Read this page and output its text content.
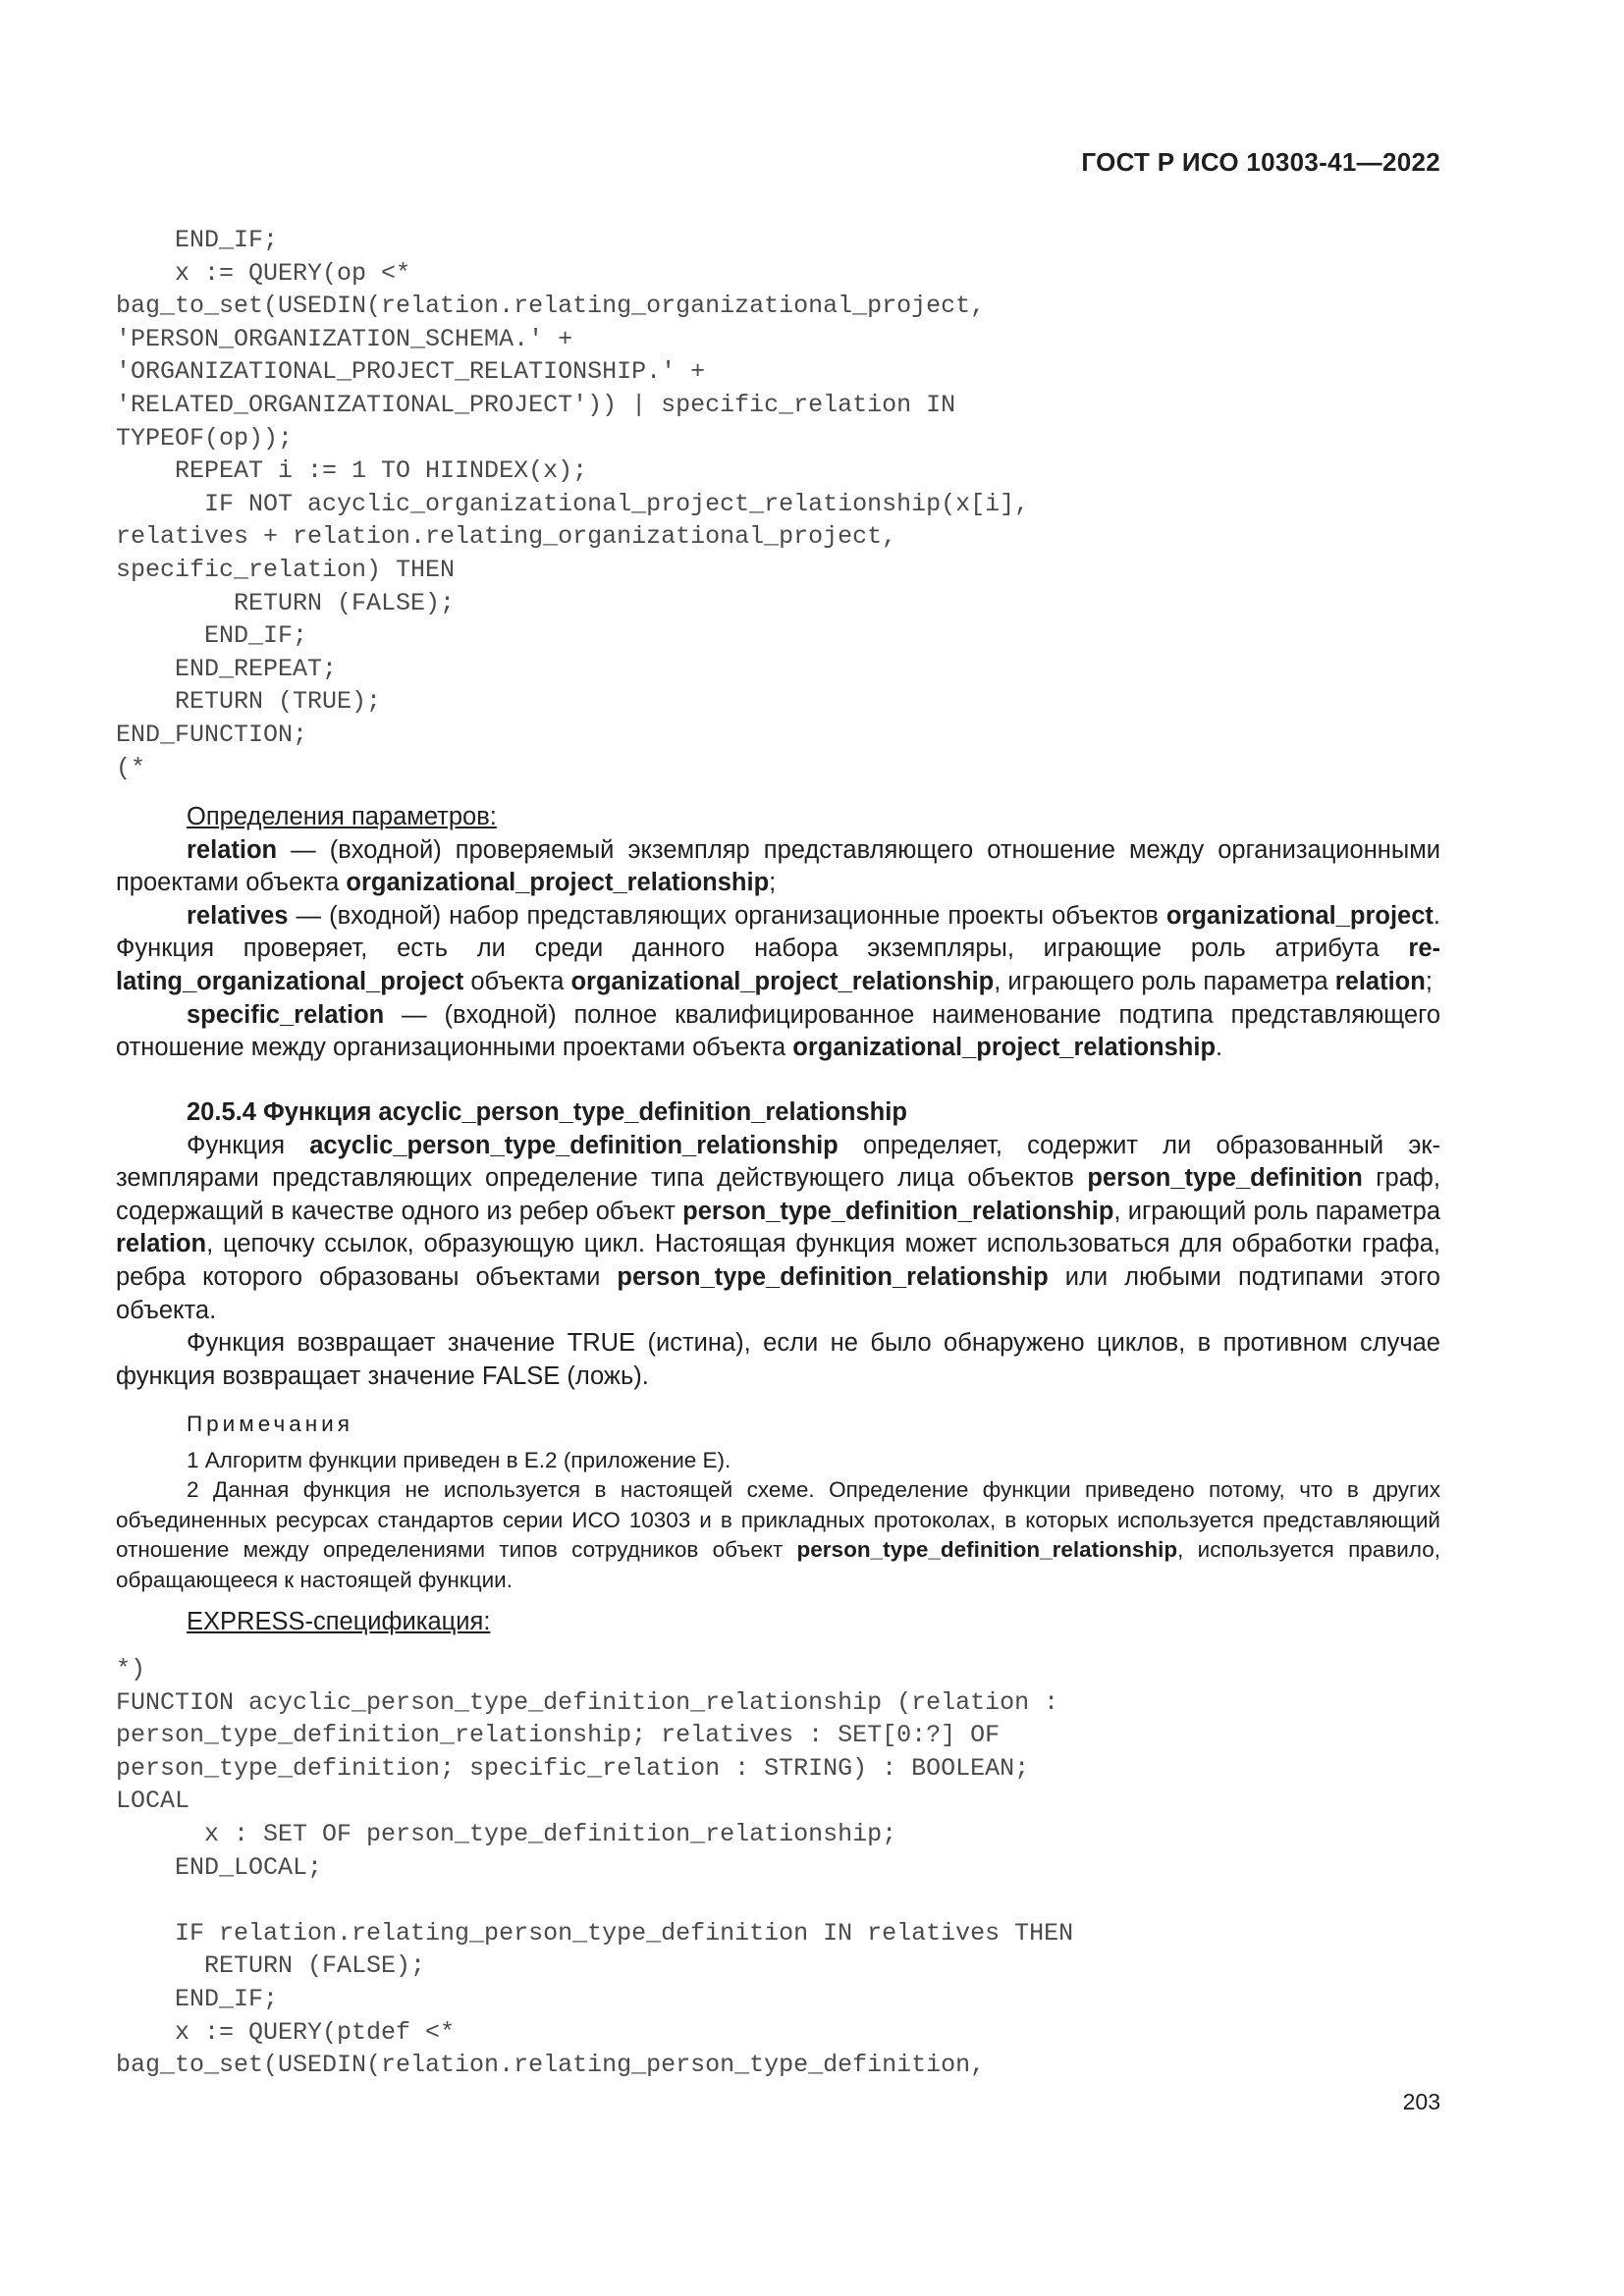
ГОСТ Р ИСО 10303-41—2022
END_IF;
x := QUERY(op <*
bag_to_set(USEDIN(relation.relating_organizational_project,
'PERSON_ORGANIZATION_SCHEMA.' +
'ORGANIZATIONAL_PROJECT_RELATIONSHIP.' +
'RELATED_ORGANIZATIONAL_PROJECT')) | specific_relation IN
TYPEOF(op));
REPEAT i := 1 TO HIINDEX(x);
IF NOT acyclic_organizational_project_relationship(x[i],
relatives + relation.relating_organizational_project,
specific_relation) THEN
RETURN (FALSE);
END_IF;
END_REPEAT;
RETURN (TRUE);
END_FUNCTION;
(*

Определения параметров:

relation — (входной) проверяемый экземпляр представляющего отношение между организационными проектами объекта organizational_project_relationship;

relatives — (входной) набор представляющих организационные проекты объектов organizational_project. Функция проверяет, есть ли среди данного набора экземпляры, играющие роль атрибута relating_organizational_project объекта organizational_project_relationship, играющего роль параметра relation;

specific_relation — (входной) полное квалифицированное наименование подтипа представляющего отношение между организационными проектами объекта organizational_project_relationship.

20.5.4 Функция acyclic_person_type_definition_relationship

Функция acyclic_person_type_definition_relationship определяет, содержит ли образованный экземплярами представляющих определение типа действующего лица объектов person_type_definition граф, содержащий в качестве одного из ребер объект person_type_definition_relationship, играющий роль параметра relation, цепочку ссылок, образующую цикл. Настоящая функция может использоваться для обработки графа, ребра которого образованы объектами person_type_definition_relationship или любыми подтипами этого объекта.

Функция возвращает значение TRUE (истина), если не было обнаружено циклов, в противном случае функция возвращает значение FALSE (ложь).

Примечания

1 Алгоритм функции приведен в Е.2 (приложение Е).

2 Данная функция не используется в настоящей схеме. Определение функции приведено потому, что в других объединенных ресурсах стандартов серии ИСО 10303 и в прикладных протоколах, в которых используется представляющий отношение между определениями типов сотрудников объект person_type_definition_relationship, используется правило, обращающееся к настоящей функции.

EXPRESS-спецификация:

*)
FUNCTION acyclic_person_type_definition_relationship (relation :
person_type_definition_relationship; relatives : SET[0:?] OF
person_type_definition; specific_relation : STRING) : BOOLEAN;
LOCAL
x : SET OF person_type_definition_relationship;
END_LOCAL;

IF relation.relating_person_type_definition IN relatives THEN
RETURN (FALSE);
END_IF;
x := QUERY(ptdef <*
bag_to_set(USEDIN(relation.relating_person_type_definition,
203
